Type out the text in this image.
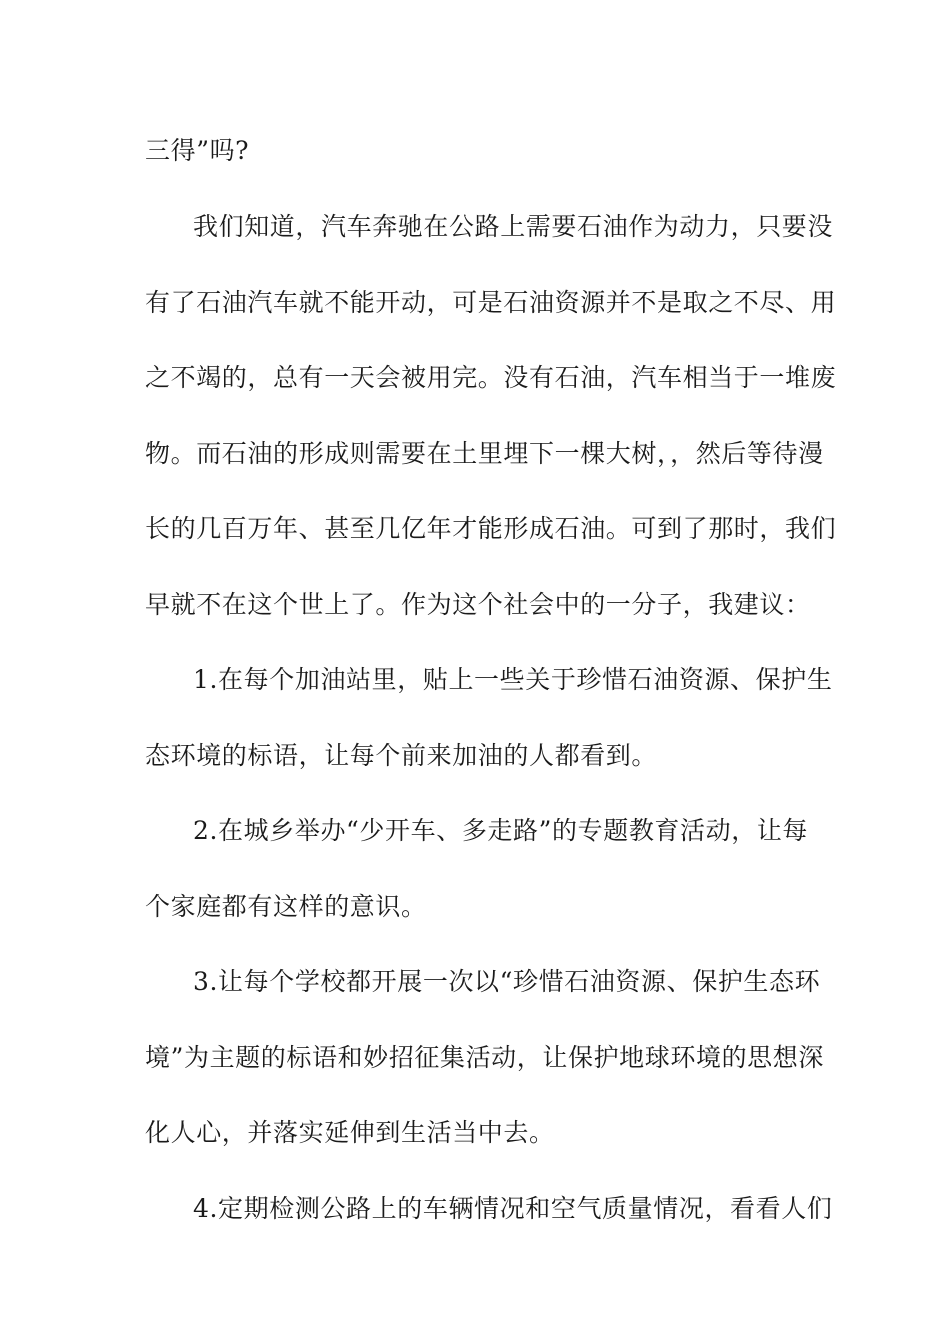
三得”吗?
我们知道，汽车奔驰在公路上需要石油作为动力，只要没
有了石油汽车就不能开动，可是石油资源并不是取之不尽、用
之不竭的，总有一天会被用完。没有石油，汽车相当于一堆废
物。而石油的形成则需要在土里埋下一棵大树，，然后等待漫
长的几百万年、甚至几亿年才能形成石油。可到了那时，我们
早就不在这个世上了。作为这个社会中的一分子，我建议：
1.在每个加油站里，贴上一些关于珍惜石油资源、保护生
态环境的标语，让每个前来加油的人都看到。
2.在城乡举办“少开车、多走路”的专题教育活动，让每
个家庭都有这样的意识。
3.让每个学校都开展一次以“珍惜石油资源、保护生态环
境”为主题的标语和妙招征集活动，让保护地球环境的思想深
化人心，并落实延伸到生活当中去。
4.定期检测公路上的车辆情况和空气质量情况，看看人们
